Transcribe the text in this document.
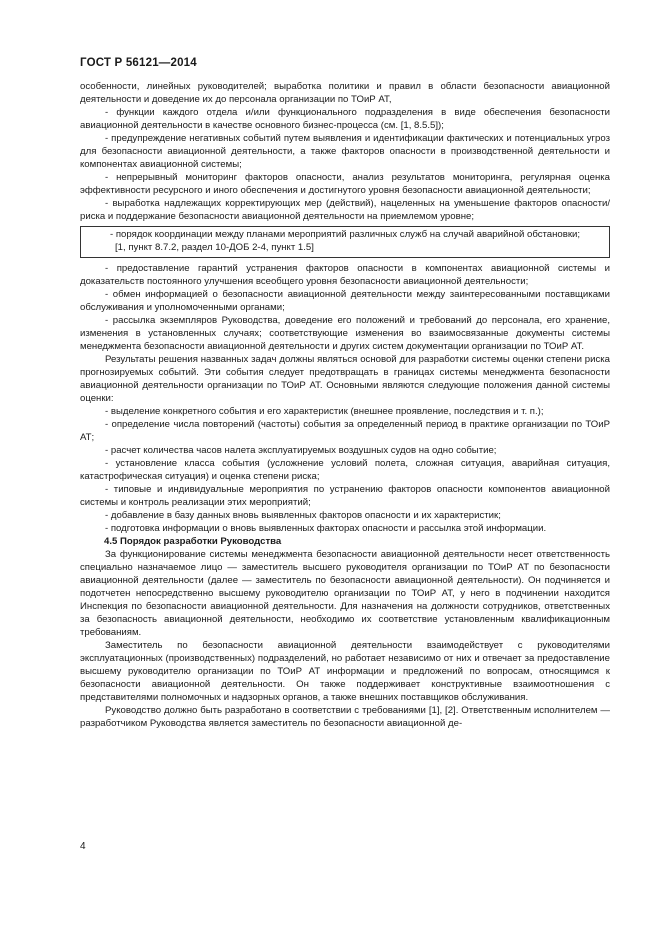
ГОСТ Р 56121—2014

особенности, линейных руководителей; выработка политики и правил в области безопасности авиационной деятельности и доведение их до персонала организации по ТОиР АТ,

- функции каждого отдела и/или функционального подразделения в виде обеспечения безопасности авиационной деятельности в качестве основного бизнес-процесса (см. [1, 8.5.5]);

- предупреждение негативных событий путем выявления и идентификации фактических и потенциальных угроз для безопасности авиационной деятельности, а также факторов опасности в производственной деятельности и компонентах авиационной системы;

- непрерывный мониторинг факторов опасности, анализ результатов мониторинга, регулярная оценка эффективности ресурсного и иного обеспечения и достигнутого уровня безопасности авиационной деятельности;

- выработка надлежащих корректирующих мер (действий), нацеленных на уменьшение факторов опасности/риска и поддержание безопасности авиационной деятельности на приемлемом уровне;

- порядок координации между планами мероприятий различных служб на случай аварийной обстановки;

[1, пункт 8.7.2, раздел 10-ДОБ 2-4, пункт 1.5]

- предоставление гарантий устранения факторов опасности в компонентах авиационной системы и доказательств постоянного улучшения всеобщего уровня безопасности авиационной деятельности;

- обмен информацией о безопасности авиационной деятельности между заинтересованными поставщиками обслуживания и уполномоченными органами;

- рассылка экземпляров Руководства, доведение его положений и требований до персонала, его хранение, изменения в установленных случаях; соответствующие изменения во взаимосвязанные документы системы менеджмента безопасности авиационной деятельности и других систем документации организации по ТОиР АТ.

Результаты решения названных задач должны являться основой для разработки системы оценки степени риска прогнозируемых событий. Эти события следует предотвращать в границах системы менеджмента безопасности авиационной деятельности организации по ТОиР АТ. Основными являются следующие положения данной системы оценки:

- выделение конкретного события и его характеристик (внешнее проявление, последствия и т. п.);

- определение числа повторений (частоты) события за определенный период в практике организации по ТОиР АТ;

- расчет количества часов налета эксплуатируемых воздушных судов на одно событие;

- установление класса события (усложнение условий полета, сложная ситуация, аварийная ситуация, катастрофическая ситуация) и оценка степени риска;

- типовые и индивидуальные мероприятия по устранению факторов опасности компонентов авиационной системы и контроль реализации этих мероприятий;

- добавление в базу данных вновь выявленных факторов опасности и их характеристик;

- подготовка информации о вновь выявленных факторах опасности и рассылка этой информации.

4.5 Порядок разработки Руководства

За функционирование системы менеджмента безопасности авиационной деятельности несет ответственность специально назначаемое лицо — заместитель высшего руководителя организации по ТОиР АТ по безопасности авиационной деятельности (далее — заместитель по безопасности авиационной деятельности). Он подчиняется и подотчетен непосредственно высшему руководителю организации по ТОиР АТ, у него в подчинении находится Инспекция по безопасности авиационной деятельности. Для назначения на должности сотрудников, ответственных за безопасность авиационной деятельности, необходимо их соответствие установленным квалификационным требованиям.

Заместитель по безопасности авиационной деятельности взаимодействует с руководителями эксплуатационных (производственных) подразделений, но работает независимо от них и отвечает за предоставление высшему руководителю организации по ТОиР АТ информации и предложений по вопросам, относящимся к безопасности авиационной деятельности. Он также поддерживает конструктивные взаимоотношения с представителями полномочных и надзорных органов, а также внешних поставщиков обслуживания.

Руководство должно быть разработано в соответствии с требованиями [1], [2]. Ответственным исполнителем — разработчиком Руководства является заместитель по безопасности авиационной де-

4
